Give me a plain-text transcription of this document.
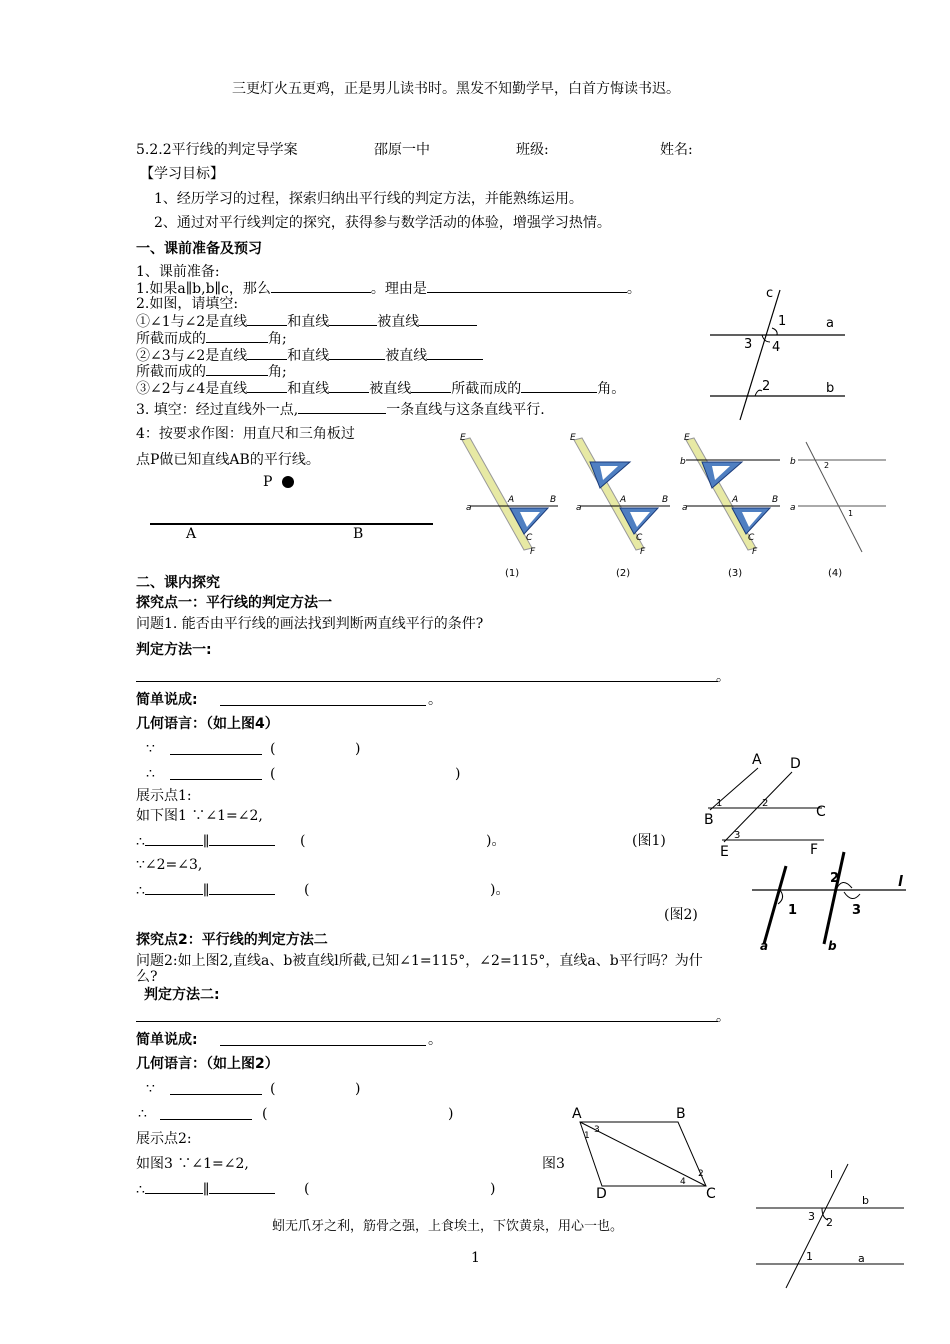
三更灯火五更鸡，正是男儿读书时。黑发不知勤学早，白首方悔读书迟。
5.2.2平行线的判定导学案	邵原一中	班级:	姓名:
【学习目标】
1、经历学习的过程，探索归纳出平行线的判定方法，并能熟练运用。
2、通过对平行线判定的探究，获得参与数学活动的体验，增强学习热情。
一、课前准备及预习
1、课前准备:
1.如果a∥b,b∥c，那么	。理由是	。
2.如图，请填空:
①∠1与∠2是直线	和直线	被直线
所截而成的	角;
②∠3与∠2是直线	和直线	被直线
所截而成的	角;
③∠2与∠4是直线	和直线	被直线	所截而成的	角。
3. 填空：经过直线外一点,	一条直线与这条直线平行.
4：按要求作图：用直尺和三角板过
点P做已知直线AB的平行线。
P
A	B
c
a
b
1
2
3 4
E
A	B
C
F
a
(1)
E
A	B
C
F
a
(2)
E
b
A	B
C
F
a
(3)
b
a
2
1
(4)
二、课内探究
探究点一：平行线的判定方法一
问题1. 能否由平行线的画法找到判断两直线平行的条件?
判定方法一:
。
简单说成:	。
几何语言：（如上图4）
∵	(	)
∴	(	)
展示点1:
如下图1 ∵∠1=∠2,
∴	∥	(	)。	(图1)
∵∠2=∠3,
∴	∥	(	)。
(图2)
A D
B	C
E	F
1	2
3
l
a	b
1
2
3
探究点2：平行线的判定方法二
问题2:如上图2,直线a、b被直线l所截,已知∠1=115°，∠2=115°，直线a、b平行吗？为什
么?
判定方法二:
。
简单说成:	。
几何语言：（如上图2）
∵	(	)
∴	(	)
展示点2:
如图3 ∵∠1=∠2,	图3
∴	∥	(	)
A	B
C
D
3
1
2
4
l
b
a
3 2
1
蚓无爪牙之利，筋骨之强，上食埃土，下饮黄泉，用心一也。
1
